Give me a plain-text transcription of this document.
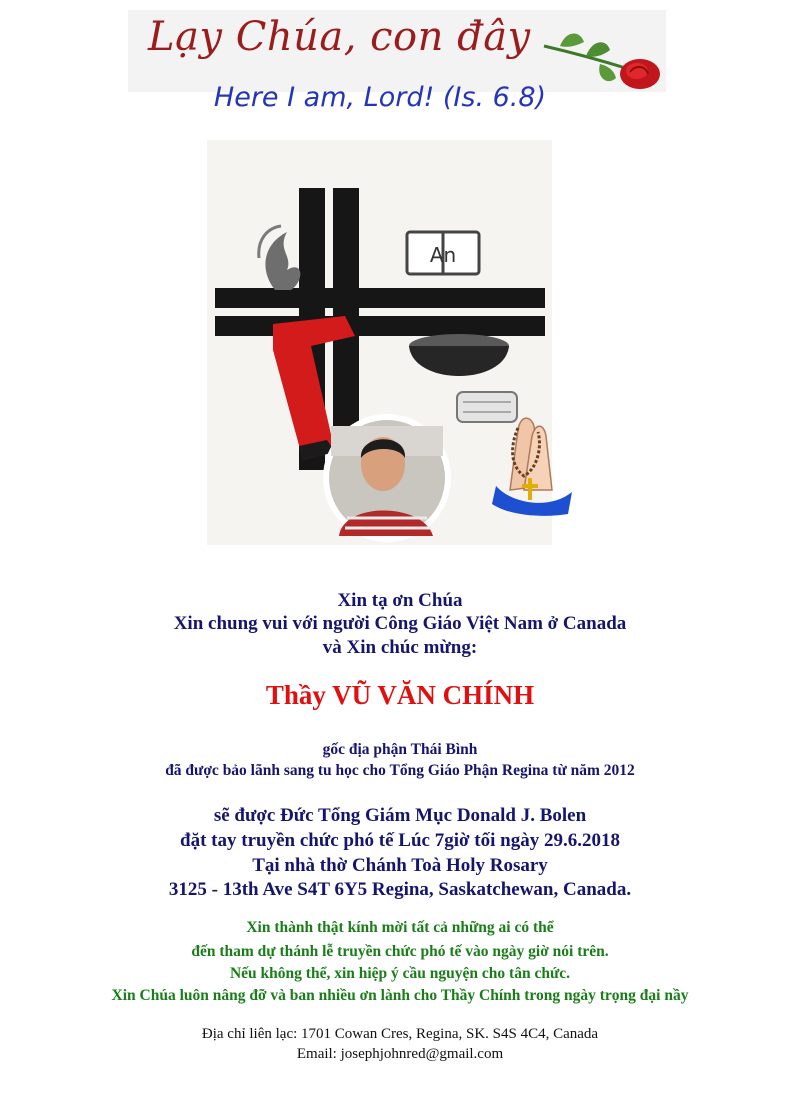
Lạy Chúa, con đây
Here I am, Lord! (Is. 6.8)
An
Xin tạ ơn Chúa
Xin chung vui với người Công Giáo Việt Nam ở Canada
và Xin chúc mừng:
Thầy VŨ VĂN CHÍNH
gốc địa phận Thái Bình
đã được bảo lãnh sang tu học cho Tổng Giáo Phận Regina từ năm 2012
sẽ được Đức Tổng Giám Mục Donald J. Bolen
đặt tay truyền chức phó tế Lúc 7giờ tối ngày 29.6.2018
Tại nhà thờ Chánh Toà Holy Rosary
3125 - 13th Ave S4T 6Y5 Regina, Saskatchewan, Canada.
Xin thành thật kính mời tất cả những ai có thể
đến tham dự thánh lễ truyền chức phó tế vào ngày giờ nói trên.
Nếu không thể, xin hiệp ý cầu nguyện cho tân chức.
Xin Chúa luôn nâng đỡ và ban nhiều ơn lành cho Thầy Chính trong ngày trọng đại nầy
Địa chỉ liên lạc: 1701 Cowan Cres, Regina, SK. S4S 4C4, Canada
Email: josephjohnred@gmail.com
